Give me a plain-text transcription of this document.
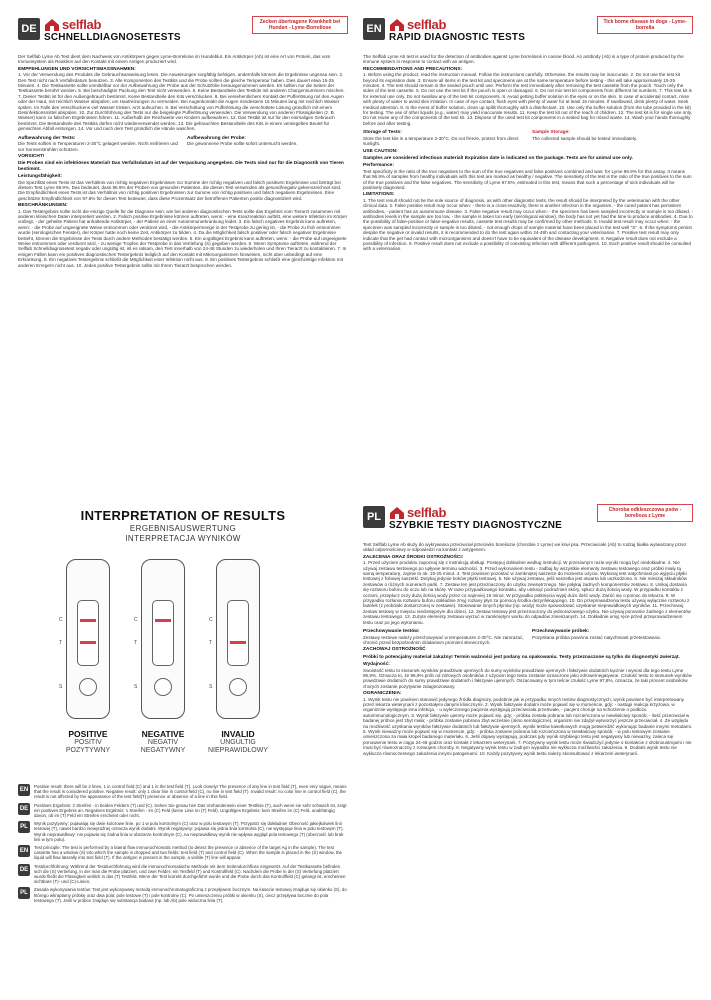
DE selflab
SCHNELLDIAGNOSETESTS
Zecken übertragene Krankheit bei Hunden - Lyme-Borreliose

Der Selflab Lyme Ab Test dient dem Nachweis von Antikörpern gegen Lyme-Borreliose im Hundeblut. Ein Antikörper (Ab) ist eine Art von Protein, das vom Immunsystem als Reaktion auf den Kontakt mit einem Antigen produziert wird.

EMPFEHLUNGEN UND VORSICHTSMASSNAHMEN:

1. Vor der Verwendung des Produkts die Gebrauchsanweisung lesen. Die Anweisungen sorgfältig befolgen, andernfalls können die Ergebnisse ungenau sein. 2. Den Test nicht nach Verfallsdatum benutzen. 3. Alle Komponenten des Testkits und die Probe sollten die gleiche Temperatur haben. Dies dauert etwa 15-25 Minuten. 4. Die Testkassette sollte unmittelbar vor der Aufbewahrung der Probe aus der Schutzfolie herausgenommen werden. Es sollten nur die Seiten der Testkassette berührt werden. 5. Bei beschädigter Packung den Test nicht verwenden. 6. Keine Bestandteile des Testkits mit anderen Chargennummern mischen. 7. Dieser Testkit ist für den Außengebrauch bestimmt. Keine Bestandteile des Kits verschlucken. 8. Bei versehentlichem Kontakt der Pufferlösung mit den Augen oder der Haut, mit reichlich Wasser abspülen; um Hautreizungen zu vermeiden. Bei Augenkontakt die Augen mindestens 15 Minuten lang mit reichlich Wasser spülen. Im Falle des Verschluckens viel Wasser trinken. Arzt aufsuchen. 9. Bei Verschüttung von Pufferlösung die verschüttete Lösung gründlich mit einem Desinfektionsmittel abspülen. 10. Zur Durchführung des Tests nur die beigelegte Pufferlösung verwenden. Die Verwendung von anderen Flüssigkeiten (z. B. Wasser) kann zu falschen Ergebnissen führen. 11. Außerhalb der Reichweite von Kindern aufbewahren. 12. Das Testkit ist nur für den einmaligen Gebrauch bestimmt. Die Bestandteile des Testkits dürfen nicht wiederverwendet werden. 13. Die gebrauchten Bestandteile des Kits in einem versiegelten Beutel für gemischten Abfall entsorgen. 14. Vor und nach dem Test gründlich die Hände waschen.

Aufbewahrung der Tests:
Die Tests sollten in Temperaturen 2-30°C gelagert werden. Nicht einfrieren und vor Sonnenstrahlen schützen.
Aufbewahrung der Probe:
Die gewonnene Probe sollte sofort untersucht werden.
VORSICHT!

Die Proben sind ein infektiöses Material! Das Verfallsdatum ist auf der Verpackung angegeben. Die Tests sind nur für die Diagnostik von Tieren bestimmt.

Leistungsfähigkeit:

Die Spezifität eines Tests ist das Verhältnis von richtig negativen Ergebnissen zur Summe der richtig negativen und falsch positiven Ergebnisse und beträgt bei diesem Test Lyme 96.9%. Das bedeutet, dass 96.9% der Proben von gesunden Patienten, die diesen Test verwenden als gesund/negativ gekennzeichnet sind. Die Empfindlichkeit eines Tests ist das Verhältnis von richtig positiven Ergebnissen zur Summe von richtig positiven und falsch negativen Ergebnissen. Eine geschätzte Empfindlichkeit von 97.8% für diesen Test bedeutet, dass diese Prozentsatz der betroffenen Patienten positiv diagnostiziert wird.

BESCHRÄNKUNGEN:

1. Das Testergebnis sollte nicht die einzige Quelle für die Diagnose sein; wie bei anderen diagnostischen Tests sollte das Ergebnis vom Tierarzt zusammen mit anderen klinischen Daten interpretiert werden. 2. Falsch positive Ergebnisse können auftreten, wenn: - eine Kreuzreaktion auftritt, eine weitere Infektion im Körper vorliegt, - der geheilte Patient hat anhaltende Antikörper, - der Patient an einer Autoimmunerkrankung leidet. 3. Ein falsch negatives Ergebnis kann auftreten, wenn: - die Probe auf ungeeignete Weise entnommen oder verdünnt wird, - die Antikörpermenge in der Testprobe zu gering ist, - die Probe zu früh entnommen wurde (serologisches Fenster), der Körper hatte noch keine Zeit, Antikörper zu bilden. 4. Da die Möglichkeit falsch positiver oder falsch negativer Ergebnisse besteht, können die Ergebnisse der Tests durch andere Methoden bestätigt werden. 5. Ein ungültiges Ergebnis kann auftreten, wenn: - die Probe auf ungeeignete Weise entnommen oder verdünnt wird, - zu wenige Tropfen der Testprobe in das Vertiefung (S) gegeben werden. 6. Wenn Symptome auftreten, während der Selflab Schnelldiagnosetest negativ oder ungültig ist, ist es ratsam, den Test innerhalb von 24-48 Stunden zu wiederholen und Ihren Tierarzt zu kontaktieren. 7. In einigen Fällen kann ein positives diagnostisches Testergebnis lediglich auf den Kontakt mit Mikroorganismen hinweisen, nicht aber unbedingt auf eine Erkrankung. 8. Ein negatives Testergebnis schließt die Möglichkeit einer Infektion nicht aus. 9. Ein positives Testergebnis schließt eine gleichzeitige Infektion mit anderen Erregern nicht aus. 10. Jedes positive Testergebnis sollte mit Ihrem Tierarzt besprochen werden.

EN selflab
RAPID DIAGNOSTIC TESTS
Tick borne disease in dogs - Lyme-borrelia

The Selflab Lyme Ab test is used for the detection of antibodies against Lyme borreliosis in canine blood. An antibody (Ab) is a type of protein produced by the immune system in response to contact with an antigen.

RECOMMENDATIONS AND PRECAUTIONS:

1. Before using the product, read the instruction manual. Follow the instructions carefully. Otherwise, the results may be inaccurate. 2. Do not use the test kit beyond its expiration date. 3. Ensure all items in the test kit and specimens are at the same temperature before testing - this will take approximately 15-25 minutes. 4. The test should remain in the sealed pouch until use. Perform the test immediately after removing the test cassette from the pouch. Touch only the sides of the test cassette. 5. Do not use the test kit if the pouch is open or damaged. 6. Do not mix test kit components from different lot numbers. 7. This test kit is for external use only. Do not swallow any of the test kit components. 8. Avoid getting buffer solution in the eyes or on the skin. In case of accidental contact, rinse with plenty of water to avoid skin irritation. In case of eye contact, flush eyes with plenty of water for at least 15 minutes. If swallowed, drink plenty of water. Seek medical attention. 9. In the event of buffer solution, clean up spills thoroughly with a disinfectant. 10. Use only the buffer solution (from the tube provided in the kit) for testing. The use of other liquids (e.g., water) may yield inaccurate results. 11. Keep the test kit out of the reach of children. 12. The test kit is for single use only. Do not reuse any of the components of the test kit. 13. Dispose of the used test kit components in a sealed bag for mixed waste. 14. Wash your hands thoroughly before and after testing.

Storage of Tests:
Store the test kits in a temperature 2-30°C. Do not freeze, protect from direct sunlight.
Sample Storage:
The collected sample should be tested immediately.
USE CAUTION:

Samples are considered infectious material! Expiration date is indicated on the package. Tests are for animal use only.

Performance:

Test specificity is the ratio of the true negatives to the sum of the true negatives and false positives combined and was: for Lyme 96.9% for this assay. It means that 96.9% of samples from healthy individuals with this test are marked as healthy / negative. The sensitivity of the test is the ratio of the true positives to the sum of the true positives and the false negatives. The sensitivity of Lyme 97.8%, estimated in this test, means that such a percentage of sick individuals will be positively diagnosed.

LIMITATIONS:

1. The test result should not be the sole source of diagnosis, as with other diagnostic tests, the result should be interpreted by the veterinarian with the other clinical data. 2. False positive result may occur when: - there is a cross-reactivity, there is another infection in the organism, - the cured patient has persistent antibodies, - patient has an autoimmune disease. 3. False negative result may occur when: - the specimen has been sampled incorrectly or sample is too diluted, - antibodies levels in the sample are too low, - the sample is taken too early (serological window), the body has not yet had the time to produce antibodies. 4. Due to the possibility of false-positive or false-negative results, cassette test results may be confirmed by other methods. 5. Invalid test result may occur when: - the specimen was sampled incorrectly or sample is too diluted, - not enough drops of sample material have been placed in the test well "S". 6. If the symptoms persist despite the negative or invalid results, it is recommended to do the test again within 24-48h and contacting your veterinarian. 7. Positive test result may only indicate that the pet had contact with microorganisms and doesn't have to be equivalent of the disease development. 8. Negative result does not exclude a possibility of infection. 9. Positive result does not exclude a possibility of coexisting infection with different pathogens. 10. Each positive result should be consulted with a veterinarian.

INTERPRETATION OF RESULTS
ERGEBNISAUSWERTUNG
INTERPRETACJA WYNIKÓW
C
T
S
POSITIVE
POSITIV
POZYTYWNY
C
T
S
NEGATIVE
NEGATIV
NEGATYWNY
C
T
S
INVALID
UNGÜLTIG
NIEPRAWIDŁOWY
EN
Positive result: there will be 2 lines, 1 in control field (C) and 1 in the test field (T). Look closely! The presence of any line in test field (T), even very vague, means that the result is considered positive. Negative result: only 1 clear line in control field (C), no line in test field (T). Invalid result: no color line in control field (C), the result is not affected by the appearance of the test field(T) presence or absence of a line in this field.
DE
Positives Ergebnis: 2 Streifen - in beiden Feldern (T) und (C). Sehen Sie genau hin! Das Vorhandensein einer Testlinie (T), auch wenn sie sehr schwach ist, zeigt ein positives Ergebnis an. Negatives Ergebnis: 1 Streifen - im (C) Feld (keine Linie im (T) Feld). Ungültiges Ergebnis: kein Streifen im (C) Feld, unabhängig davon, ob im (T) Feld ein Streifen erscheint oder nicht.
PL
Wynik pozytywny: pojawiają się dwie kolorowe linie, po 1 w polu kontrolnym (C) oraz w polu testowym (T). Przypatrz się dokładnie! Obecność jakiejkolwiek linii testowej (T), nawet bardzo niewyraźnej oznacza wynik dodatni. Wynik negatywny: pojawia się jedna linia kontrolna (C), nie występuje linia w polu testowym (T). Wynik nieprawidłowy: nie pojawia się żadna linia w obszarze kontrolnym (C), na nieprawidłowy wynik nie wpływa wygląd pola testowego (T) (obecność lub brak linii w tym polu).
EN
Test principle: The test is performed by a lateral flow immunochromatic method (to detect the presence or absence of the target Ag in the sample). The test cassette has a window (S) into which the sample is dropped and two fields: test field (T) and control field (C). When the sample is placed in the (S) window, the liquid will flow laterally into test field (T). If the antigen is present in the sample, a visible (T) line will appear.
DE
Testdurchführung: Während der Testdurchführung wird die immunochromatische Methode mit dem Seitendurchfluss eingesetzt. Auf der Testkassette befinden sich die (S) Vertiefung, in der man die Probe platziert, und zwei Felder: ein Testfeld (T) und Kontrollfeld (C). Nachdem die Probe in der (S) Vertiefung platziert wurde fließt die Flüssigkeit seitlich in das (T) Testfeld. Wenn der Test korrekt durchgeführt wurde und die Probe durch das Kontrollfeld (C) gelangt ist, erscheinen sichtbare (T)- und (C)-Linien.
PL
Zasada wykonywania testów: Test jest wykonywany metodą immunochromatograficzną z przepływem bocznym. Na kasecie testowej znajduje się okienko (S), do którego wkraplamy próbkę oraz dwa pola: pole testowe (T) i pole kontrolne (C). Po umieszczeniu próbki w okienku (S), ciecz przepływa bocznie do pola testowego (T). Jeśli w próbce znajduje się substancja badana (np. lub Ab) pole widoczna linia (T).
PL	selflab
SZYBKIE TESTY DIAGNOSTYCZNE
Choroba odkleszczowa psów - borelioza z Lyme

Test Selflab Lyme Ab służy do wykrywania przeciwciał przeciwko boreliozie (chorobie z Lyme) we krwi psa. Przeciwciało (Ab) to rodzaj białka wytwarzany przez układ odpornościowy w odpowiedzi na kontakt z antygenem.

ZALECENIA ORAZ ŚRODKI OSTROŻNOŚCI:

1. Przed użyciem produktu zapoznaj się z instrukcją obsługi. Postępuj dokładnie według instrukcji. W przeciwnym razie wyniki mogą być niedokładne. 2. Nie używaj zestawu testowego po upływie terminu ważności. 3. Przed wykonaniem testu - zadbaj by wszystkie elementy zestawu testowego oraz próbki miały tą samą temperaturę, zajmie to ok. 15-25 minut. 4. Test powinien pozostać w zamkniętej saszetce do momentu użycia. Wykonaj test natychmiast po wyjęciu płytki testowej z foliowej saszetki. Dotykaj jedynie boków płytki testowej. 5. Nie używaj zestawu, jeśli saszetka jest otwarta lub uszkodzona. 6. Nie mieszaj składników zestawów o różnych numerach partii. 7. Zestaw ten jest przeznaczony do użytku zewnętrznego. Nie połykaj żadnych komponentów zestawu. 8. Unikaj dostania się roztworu buforu do oczu lub na skórę. W razie przypadkowego kontaktu, aby uniknąć podrażnień skóry, spłucz dużą ilością wody. W przypadku kontaktu z oczami, przepłucz oczy dużą ilością wody przez co najmniej 15 minut. W przypadku połknięcia wypij dużo ilość wody. Zwróć się o pomoc do lekarza. 9. W przypadku rozlania roztworu buforu dokładnie zmyj rozlany płyn za pomocą środka dezynfekującego. 10. Do przeprowadzenia testu używaj wyłącznie roztworu z butelek (z probówki dostarczonej w zestawie). Stosowanie innych płynów (np. wody) może spowodować uzyskanie nieprawidłowych wyników. 11. Przechowuj zestaw testowy w miejscu niedostępnym dla dzieci. 12. Zestaw testowy jest przeznaczony do jednorazowego użytku. Nie używaj ponownie żadnego z elementów zestawu testowego. 13. Zużyte elementy zestawu wyrzuć w zamkniętym worku do odpadów zmieszanych. 14. Dokładnie umyj ręce przed przeprowadzeniem testu oraz po jego wykonaniu.

Przechowywanie testów:
Zestawy testowe należy przechowywać w temperaturze 2-30°C. Nie zamrażać, chronić przed bezpośrednim działaniem promieni słonecznych.
Przechowywanie próbek:
Pozyskana próbka powinna zostać natychmiast przetestowana.
ZACHOWAJ OSTROŻNOŚĆ

Próbki to potencjalny materiał zakaźny! Termin ważności jest podany na opakowaniu. Testy przeznaczone są tylko do diagnostyki zwierząt.

Wydajność:

Swoistość testu to stosunek wyników prawdziwie ujemnych do sumy wyników prawdziwie ujemnych i fałszywie dodatnich łącznie i wynosi dla tego testu Lyme 96,9%. Oznacza to, że 96,9% prób od zdrowych osobników z użyciem tego testu zostanie oznaczone jako zdrowe/negatywne. Czułość testu to stosunek wyników prawdziwie dodatnich do sumy prawdziwie dodatnich i fałszywie ujemnych. Oszacowany w tym teście czułość Lyme 97,8%, oznacza, że taki procent osobników chorych zostanie pozytywnie zdiagnozowany.

OGRANICZENIA:

1. Wynik testu nie powinien stanowić jedynego źródła diagnozy, podobnie jak w przypadku innych testów diagnostycznych, wynik powinien być interpretowany przez lekarza weterynarii z pozostałymi danymi klinicznymi. 2. Wynik fałszywie dodatni może pojawić się w momencie, gdy: - nastąpi reakcja krzyżowa, w organizmie występuje inna infekcja, - u wyleczonego pacjenta występują przeciwciała przetrwałe, - pacjent choruje na schorzenie o podłożu autoimmunologicznym. 3. Wynik fałszywie ujemny może pojawić się, gdy: - próbka została pobrana lub rozcieńczona w niewłaściwy sposób; - ilość przeciwciał w badanej próbce jest zbyt mała; - próbka zostanie pobrana zbyt wcześnie (okno serologiczne), organizm nie zdążył wytworzyć jeszcze przeciwciał. 4. Ze względu na możliwość uzyskania wyników fałszywie dodatnich lub fałszywie ujemnych, wyniki testów kasetkowych mogą potwierdzić wykonując badanie innymi metodami. 5. Wynik nieważny może pojawić się w momencie, gdy: - próbka zostanie pobrana lub rozcieńczona w niewłaściwy sposób; - w polu testowym zostanie umieszczona za mała kropel badanego materiału. 6. Jeśli objawy występują, podczas gdy wynik szybkiego testu jest negatywny lub nieważny, zaleca się ponowienie testu w ciągu 24-48 godzin oraz kontakt z lekarzem weterynarii. 7. Pozytywny wynik testu może świadczyć jedynie o kontakcie z drobnoustrojami i nie musi być równoznaczny z rozwojem choroby. 8. Negatywny wynik testu w żadnym wypadku nie wyklucza możliwości zakażenia. 9. Dodatni wynik testu nie wyklucza równoczesnego zakażenia innymi patogenami. 10. Każdy pozytywny wynik testu należy skonsultować z lekarzem weterynarii.
